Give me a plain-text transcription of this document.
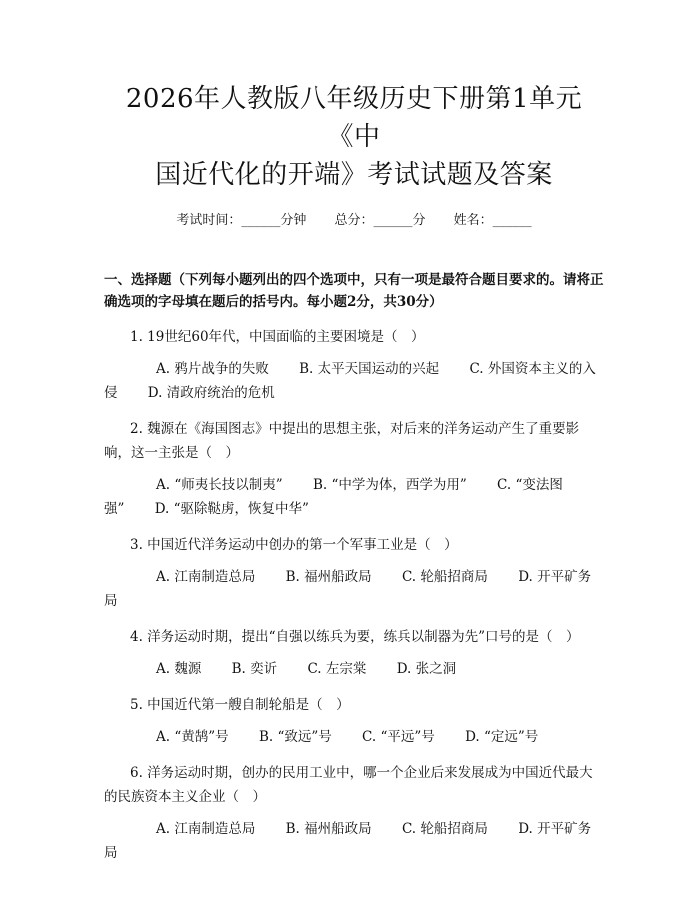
2026年人教版八年级历史下册第1单元《中
国近代化的开端》考试试题及答案
考试时间：______分钟 总分：______分 姓名：______
一、选择题（下列每小题列出的四个选项中，只有一项是最符合题目要求的。请将正确选项的字母填在题后的括号内。每小题2分，共30分）
1. 19世纪60年代，中国面临的主要困境是（　）
A. 鸦片战争的失败 B. 太平天国运动的兴起 C. 外国资本主义的入侵 D. 清政府统治的危机
2. 魏源在《海国图志》中提出的思想主张，对后来的洋务运动产生了重要影响，这一主张是（　）
A. “师夷长技以制夷” B. “中学为体，西学为用” C. “变法图强” D. “驱除鞑虏，恢复中华”
3. 中国近代洋务运动中创办的第一个军事工业是（　）
A. 江南制造总局 B. 福州船政局 C. 轮船招商局 D. 开平矿务局
4. 洋务运动时期，提出“自强以练兵为要，练兵以制器为先”口号的是（　）
A. 魏源 B. 奕䜣 C. 左宗棠 D. 张之洞
5. 中国近代第一艘自制轮船是（　）
A. “黄鹄”号 B. “致远”号 C. “平远”号 D. “定远”号
6. 洋务运动时期，创办的民用工业中，哪一个企业后来发展成为中国近代最大的民族资本主义企业（　）
A. 江南制造总局 B. 福州船政局 C. 轮船招商局 D. 开平矿务局
